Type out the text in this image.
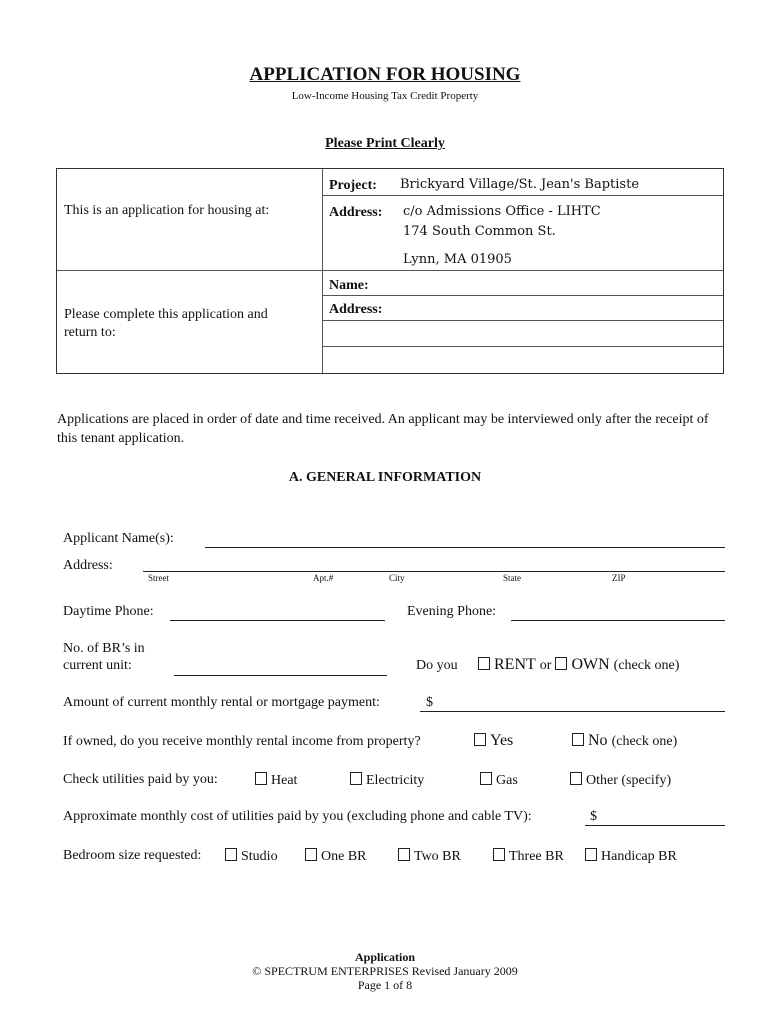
APPLICATION FOR HOUSING
Low-Income Housing Tax Credit Property
Please Print Clearly
This is an application for housing at:
Project: Brickyard Village/St. Jean's Baptiste
Address: c/o Admissions Office - LIHTC
174 South Common St.
Lynn, MA 01905
Please complete this application and return to:
Name:
Address:
Applications are placed in order of date and time received. An applicant may be interviewed only after the receipt of this tenant application.
A. GENERAL INFORMATION
Applicant Name(s):
Address:
Street	Apt.#	City	State	ZIP
Daytime Phone:	Evening Phone:
No. of BR’s in
current unit:	Do you	RENT or OWN (check one)
Amount of current monthly rental or mortgage payment:	$
If owned, do you receive monthly rental income from property?	Yes	No (check one)
Check utilities paid by you:	Heat	Electricity	Gas	Other (specify)
Approximate monthly cost of utilities paid by you (excluding phone and cable TV):	$
Bedroom size requested:	Studio	One BR	Two BR	Three BR	Handicap BR
Application
© SPECTRUM ENTERPRISES Revised January 2009
Page 1 of 8
